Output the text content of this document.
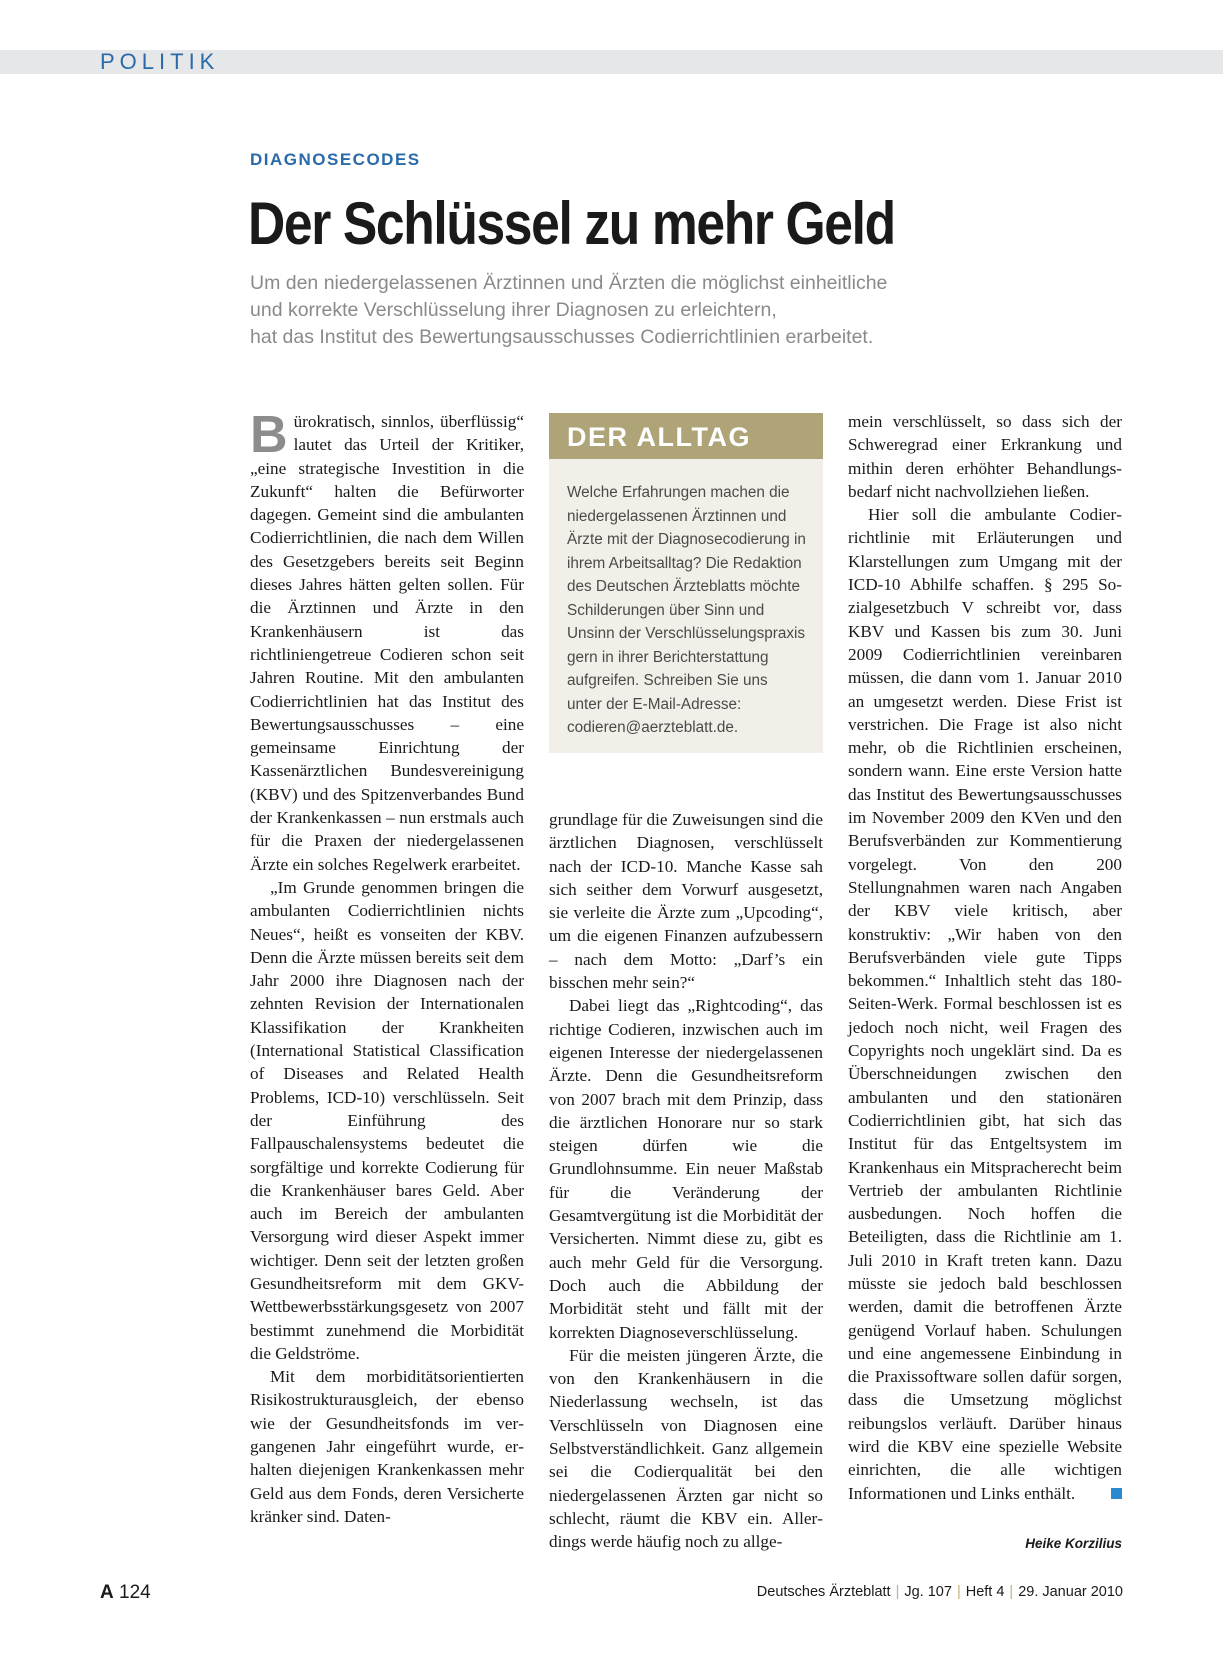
POLITIK
DIAGNOSECODES
Der Schlüssel zu mehr Geld
Um den niedergelassenen Ärztinnen und Ärzten die möglichst einheitliche
und korrekte Verschlüsselung ihrer Diagnosen zu erleichtern,
hat das Institut des Bewertungsausschusses Codierrichtlinien erarbeitet.

Bürokratisch, sinnlos, überflüssig“ lautet das Urteil der Kritiker, „eine strategische Investition in die Zukunft“ halten die Befürworter dagegen. Gemeint sind die ambulanten Codierrichtlinien, die nach dem Willen des Gesetzgebers bereits seit Beginn dieses Jahres hätten gelten sollen. Für die Ärztinnen und Ärzte in den Krankenhäusern ist das richtliniengetreue Codieren schon seit Jahren Routine. Mit den ambulanten Codierrichtlinien hat das Institut des Bewertungsausschusses – eine gemeinsame Einrichtung der Kassenärztlichen Bundesvereinigung (KBV) und des Spitzenverbandes Bund der Krankenkassen – nun erstmals auch für die Praxen der niedergelassenen Ärzte ein solches Regelwerk erarbeitet.

„Im Grunde genommen bringen die ambulanten Codierrichtlinien nichts Neues“, heißt es vonseiten der KBV. Denn die Ärzte müssen bereits seit dem Jahr 2000 ihre Diagnosen nach der zehnten Revision der Internationalen Klassifikation der Krankheiten (International Statistical Classification of Diseases and Related Health Problems, ICD-10) verschlüsseln. Seit der Einführung des Fallpauschalensystems bedeutet die sorgfältige und korrekte Codierung für die Krankenhäuser bares Geld. Aber auch im Bereich der ambulanten Versorgung wird dieser Aspekt immer wichtiger. Denn seit der letzten großen Gesundheitsreform mit dem GKV-Wettbewerbsstärkungsgesetz von 2007 bestimmt zunehmend die Morbidität die Geldströme.

Mit dem morbiditätsorientierten Risikostrukturausgleich, der ebenso wie der Gesundheitsfonds im vergangenen Jahr eingeführt wurde, erhalten diejenigen Krankenkassen mehr Geld aus dem Fonds, deren Versicherte kränker sind. Daten-

DER ALLTAG
Welche Erfahrungen machen die
niedergelassenen Ärztinnen und
Ärzte mit der Diagnosecodierung in
ihrem Arbeitsalltag? Die Redaktion
des Deutschen Ärzteblatts möchte
Schilderungen über Sinn und
Unsinn der Verschlüsselungspraxis
gern in ihrer Berichterstattung
aufgreifen. Schreiben Sie uns
unter der E-Mail-Adresse:
codieren@aerzteblatt.de.

grundlage für die Zuweisungen sind die ärztlichen Diagnosen, verschlüsselt nach der ICD-10. Manche Kasse sah sich seither dem Vorwurf ausgesetzt, sie verleite die Ärzte zum „Upcoding“, um die eigenen Finanzen aufzubessern – nach dem Motto: „Darf’s ein bisschen mehr sein?“

Dabei liegt das „Rightcoding“, das richtige Codieren, inzwischen auch im eigenen Interesse der niedergelassenen Ärzte. Denn die Gesundheitsreform von 2007 brach mit dem Prinzip, dass die ärztlichen Honorare nur so stark steigen dürfen wie die Grundlohnsumme. Ein neuer Maßstab für die Veränderung der Gesamtvergütung ist die Morbidität der Versicherten. Nimmt diese zu, gibt es auch mehr Geld für die Versorgung. Doch auch die Abbildung der Morbidität steht und fällt mit der korrekten Diagnoseverschlüsselung.

Für die meisten jüngeren Ärzte, die von den Krankenhäusern in die Niederlassung wechseln, ist das Verschlüsseln von Diagnosen eine Selbstverständlichkeit. Ganz allgemein sei die Codierqualität bei den niedergelassenen Ärzten gar nicht so schlecht, räumt die KBV ein. Allerdings werde häufig noch zu allge-

mein verschlüsselt, so dass sich der Schweregrad einer Erkrankung und mithin deren erhöhter Behandlungsbedarf nicht nachvollziehen ließen.

Hier soll die ambulante Codierrichtlinie mit Erläuterungen und Klarstellungen zum Umgang mit der ICD-10 Abhilfe schaffen. § 295 Sozialgesetzbuch V schreibt vor, dass KBV und Kassen bis zum 30. Juni 2009 Codierrichtlinien vereinbaren müssen, die dann vom 1. Januar 2010 an umgesetzt werden. Diese Frist ist verstrichen. Die Frage ist also nicht mehr, ob die Richtlinien erscheinen, sondern wann. Eine erste Version hatte das Institut des Bewertungsausschusses im November 2009 den KVen und den Berufsverbänden zur Kommentierung vorgelegt. Von den 200 Stellungnahmen waren nach Angaben der KBV viele kritisch, aber konstruktiv: „Wir haben von den Berufsverbänden viele gute Tipps bekommen.“ Inhaltlich steht das 180-Seiten-Werk. Formal beschlossen ist es jedoch noch nicht, weil Fragen des Copyrights noch ungeklärt sind. Da es Überschneidungen zwischen den ambulanten und den stationären Codierrichtlinien gibt, hat sich das Institut für das Entgeltsystem im Krankenhaus ein Mitspracherecht beim Vertrieb der ambulanten Richtlinie ausbedungen. Noch hoffen die Beteiligten, dass die Richtlinie am 1. Juli 2010 in Kraft treten kann. Dazu müsste sie jedoch bald beschlossen werden, damit die betroffenen Ärzte genügend Vorlauf haben. Schulungen und eine angemessene Einbindung in die Praxissoftware sollen dafür sorgen, dass die Umsetzung möglichst reibungslos verläuft. Darüber hinaus wird die KBV eine spezielle Website einrichten, die alle wichtigen Informationen und Links enthält.

Heike Korzilius
A 124	Deutsches Ärzteblatt | Jg. 107 | Heft 4 | 29. Januar 2010
